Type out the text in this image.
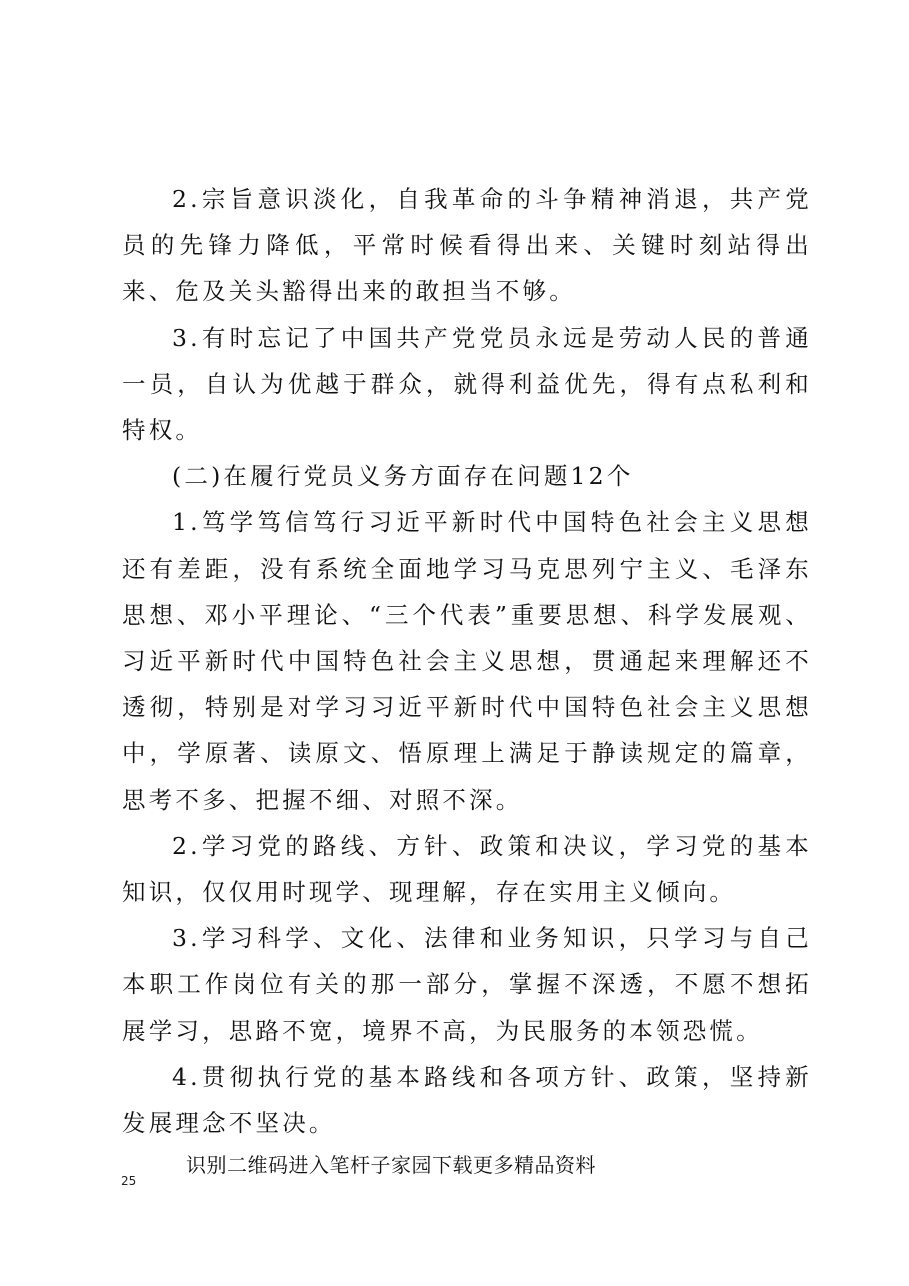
2.宗旨意识淡化，自我革命的斗争精神消退，共产党员的先锋力降低，平常时候看得出来、关键时刻站得出来、危及关头豁得出来的敢担当不够。

3.有时忘记了中国共产党党员永远是劳动人民的普通一员，自认为优越于群众，就得利益优先，得有点私利和特权。

(二)在履行党员义务方面存在问题12个

1.笃学笃信笃行习近平新时代中国特色社会主义思想还有差距，没有系统全面地学习马克思列宁主义、毛泽东思想、邓小平理论、“三个代表”重要思想、科学发展观、习近平新时代中国特色社会主义思想，贯通起来理解还不透彻，特别是对学习习近平新时代中国特色社会主义思想中，学原著、读原文、悟原理上满足于静读规定的篇章，思考不多、把握不细、对照不深。

2.学习党的路线、方针、政策和决议，学习党的基本知识，仅仅用时现学、现理解，存在实用主义倾向。

3.学习科学、文化、法律和业务知识，只学习与自己本职工作岗位有关的那一部分，掌握不深透，不愿不想拓展学习，思路不宽，境界不高，为民服务的本领恐慌。

4.贯彻执行党的基本路线和各项方针、政策，坚持新发展理念不坚决。

识别二维码进入笔杆子家园下载更多精品资料
25
